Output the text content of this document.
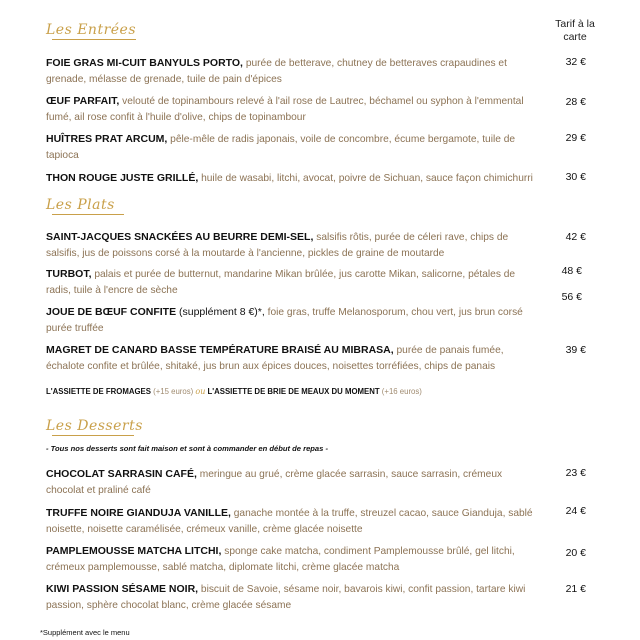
Tarif à la carte
Les Entrées
FOIE GRAS MI-CUIT BANYULS PORTO, purée de betterave, chutney de betteraves crapaudines et grenade, mélasse de grenade, tuile de pain d'épices
32 €
ŒUF PARFAIT, velouté de topinambours relevé à l'ail rose de Lautrec, béchamel ou syphon à l'emmental fumé, ail rose confit à l'huile d'olive, chips de topinambour
28 €
HUÎTRES PRAT ARCUM, pêle-mêle de radis japonais, voile de concombre, écume bergamote, tuile de tapioca
29 €
THON ROUGE JUSTE GRILLÉ, huile de wasabi, litchi, avocat, poivre de Sichuan, sauce façon chimichurri	30 €
Les Plats
SAINT-JACQUES SNACKÉES AU BEURRE DEMI-SEL, salsifis rôtis, purée de céleri rave, chips de salsifis, jus de poissons corsé à la moutarde à l'ancienne, pickles de graine de moutarde
42 €
TURBOT, palais et purée de butternut, mandarine Mikan brûlée, jus carotte Mikan, salicorne, pétales de radis, tuile à l'encre de sèche
48 €
56 €
JOUE DE BŒUF CONFITE (supplément 8 €)*, foie gras, truffe Melanosporum, chou vert, jus brun corsé purée truffée
MAGRET DE CANARD BASSE TEMPÉRATURE BRAISÉ AU MIBRASA, purée de panais fumée, échalote confite et brûlée, shitaké, jus brun aux épices douces, noisettes torréfiées, chips de panais
39 €
L'ASSIETTE DE FROMAGES (+15 euros) ou L'ASSIETTE DE BRIE DE MEAUX DU MOMENT (+16 euros)
Les Desserts
- Tous nos desserts sont fait maison et sont à commander en début de repas -
CHOCOLAT SARRASIN CAFÉ, meringue au grué, crème glacée sarrasin, sauce sarrasin, crémeux chocolat et praliné café
23 €
TRUFFE NOIRE GIANDUJA VANILLE, ganache montée à la truffe, streuzel cacao, sauce Gianduja, sablé noisette, noisette caramélisée, crémeux vanille, crème glacée noisette
24 €
PAMPLEMOUSSE MATCHA LITCHI, sponge cake matcha, condiment Pamplemousse brûlé, gel litchi, crémeux pamplemousse, sablé matcha, diplomate litchi, crème glacée matcha
20 €
KIWI PASSION SÉSAME NOIR, biscuit de Savoie, sésame noir, bavarois kiwi, confit passion, tartare kiwi passion, sphère chocolat blanc, crème glacée sésame
21 €
*Supplément avec le menu
